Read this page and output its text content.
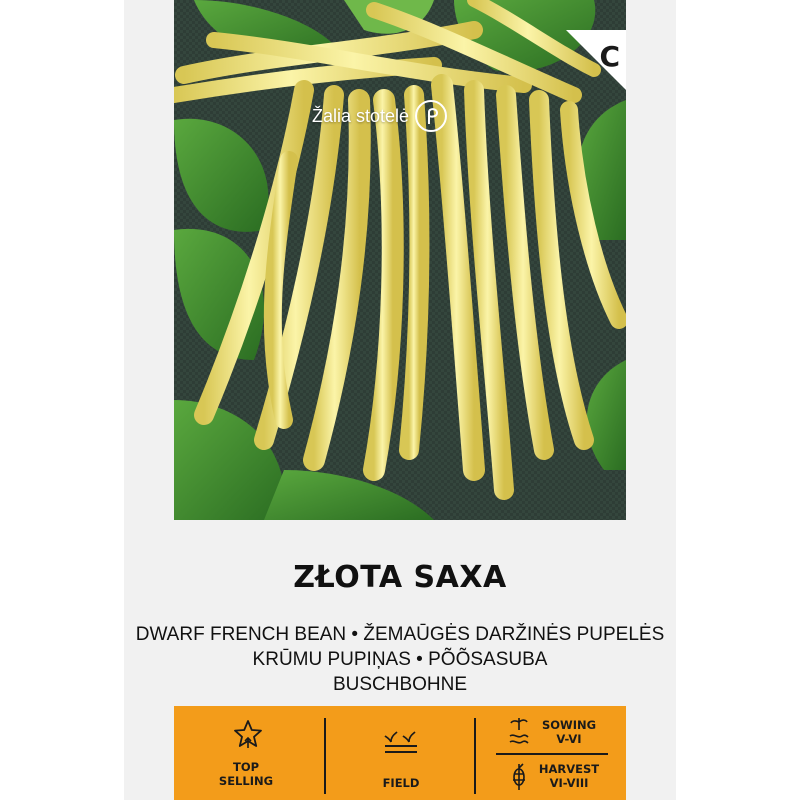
Žalia stotelė
C
ZŁOTA SAXA
DWARF FRENCH BEAN • ŽEMAŪGĖS DARŽINĖS PUPELĖS
KRŪMU PUPIŅAS • PÕÕSASUBA
BUSCHBOHNE
TOP
SELLING	FIELD
SOWING
V-VI
HARVEST
VI-VIII
